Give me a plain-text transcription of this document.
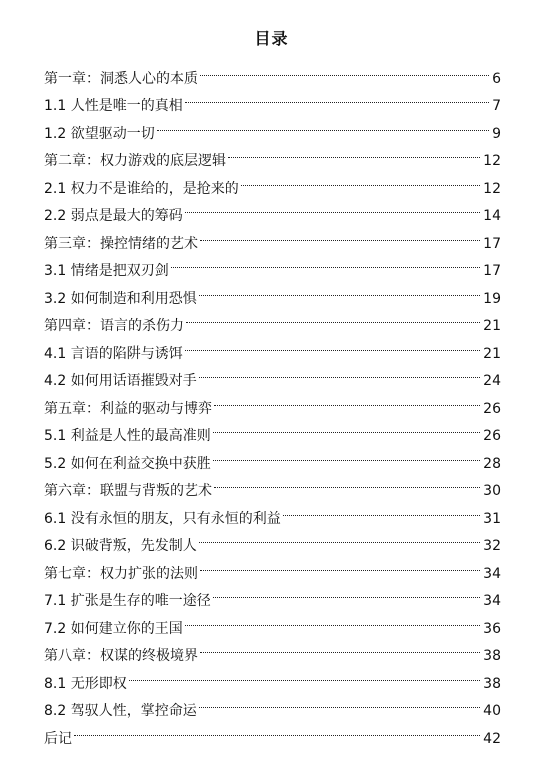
目录
第一章：洞悉人心的本质	6
1.1 人性是唯一的真相	7
1.2 欲望驱动一切	9
第二章：权力游戏的底层逻辑	12
2.1 权力不是谁给的，是抢来的	12
2.2 弱点是最大的筹码	14
第三章：操控情绪的艺术	17
3.1 情绪是把双刃剑	17
3.2 如何制造和利用恐惧	19
第四章：语言的杀伤力	21
4.1 言语的陷阱与诱饵	21
4.2 如何用话语摧毁对手	24
第五章：利益的驱动与博弈	26
5.1 利益是人性的最高准则	26
5.2 如何在利益交换中获胜	28
第六章：联盟与背叛的艺术	30
6.1 没有永恒的朋友，只有永恒的利益	31
6.2 识破背叛，先发制人	32
第七章：权力扩张的法则	34
7.1 扩张是生存的唯一途径	34
7.2 如何建立你的王国	36
第八章：权谋的终极境界	38
8.1 无形即权	38
8.2 驾驭人性，掌控命运	40
后记	42
